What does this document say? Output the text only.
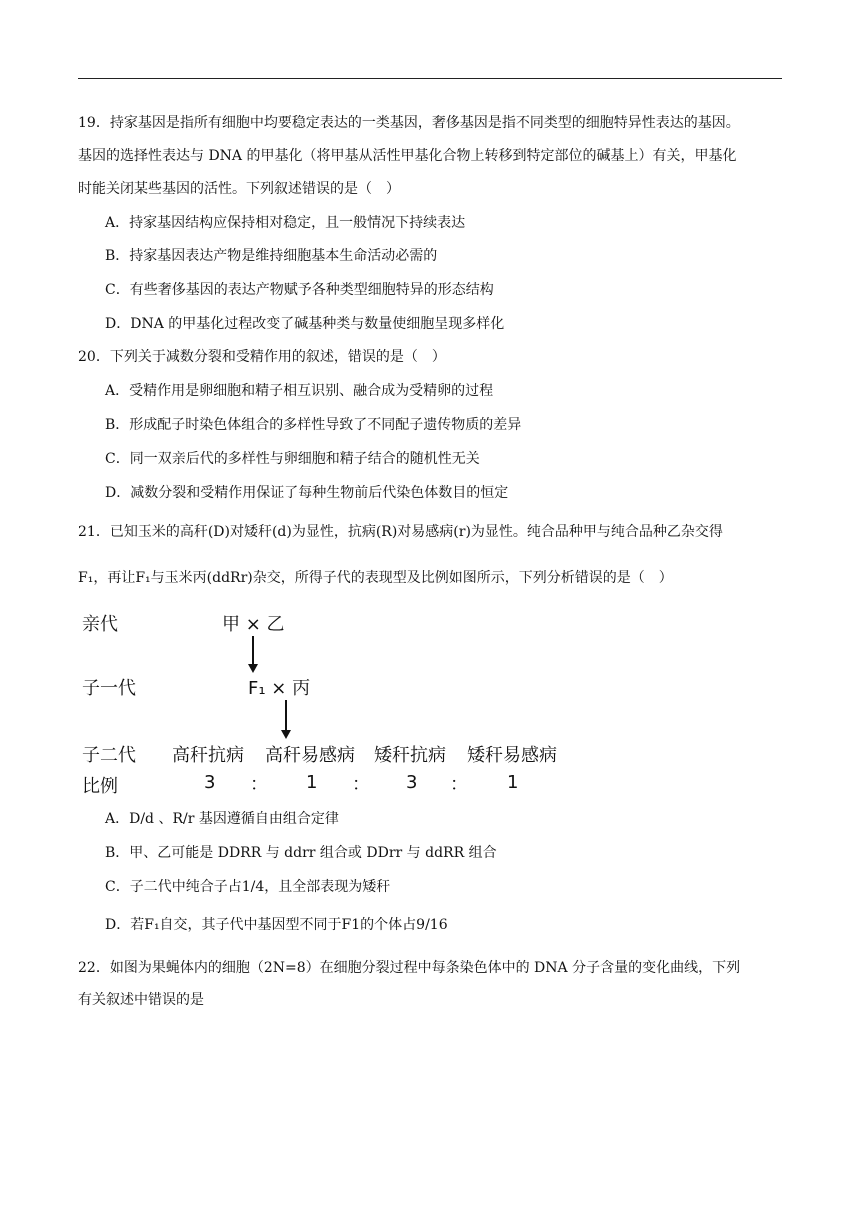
19．持家基因是指所有细胞中均要稳定表达的一类基因，奢侈基因是指不同类型的细胞特异性表达的基因。
基因的选择性表达与 DNA 的甲基化（将甲基从活性甲基化合物上转移到特定部位的碱基上）有关，甲基化
时能关闭某些基因的活性。下列叙述错误的是（　）
A．持家基因结构应保持相对稳定，且一般情况下持续表达
B．持家基因表达产物是维持细胞基本生命活动必需的
C．有些奢侈基因的表达产物赋予各种类型细胞特异的形态结构
D．DNA 的甲基化过程改变了碱基种类与数量使细胞呈现多样化
20．下列关于减数分裂和受精作用的叙述，错误的是（　）
A．受精作用是卵细胞和精子相互识别、融合成为受精卵的过程
B．形成配子时染色体组合的多样性导致了不同配子遗传物质的差异
C．同一双亲后代的多样性与卵细胞和精子结合的随机性无关
D．减数分裂和受精作用保证了每种生物前后代染色体数目的恒定
21．已知玉米的高秆(D)对矮秆(d)为显性，抗病(R)对易感病(r)为显性。纯合品种甲与纯合品种乙杂交得
F₁，再让F₁与玉米丙(ddRr)杂交，所得子代的表现型及比例如图所示，下列分析错误的是（　）
亲代	甲 × 乙
子一代	F₁ × 丙
子二代 高秆抗病 高秆易感病 矮秆抗病 矮秆易感病
比例	3 ： 1 ： 3 ： 1
A．D/d 、R/r 基因遵循自由组合定律
B．甲、乙可能是 DDRR 与 ddrr 组合或 DDrr 与 ddRR 组合
C．子二代中纯合子占1/4，且全部表现为矮秆
D．若F₁自交，其子代中基因型不同于F1的个体占9/16
22．如图为果蝇体内的细胞（2N=8）在细胞分裂过程中每条染色体中的 DNA 分子含量的变化曲线，下列
有关叙述中错误的是
